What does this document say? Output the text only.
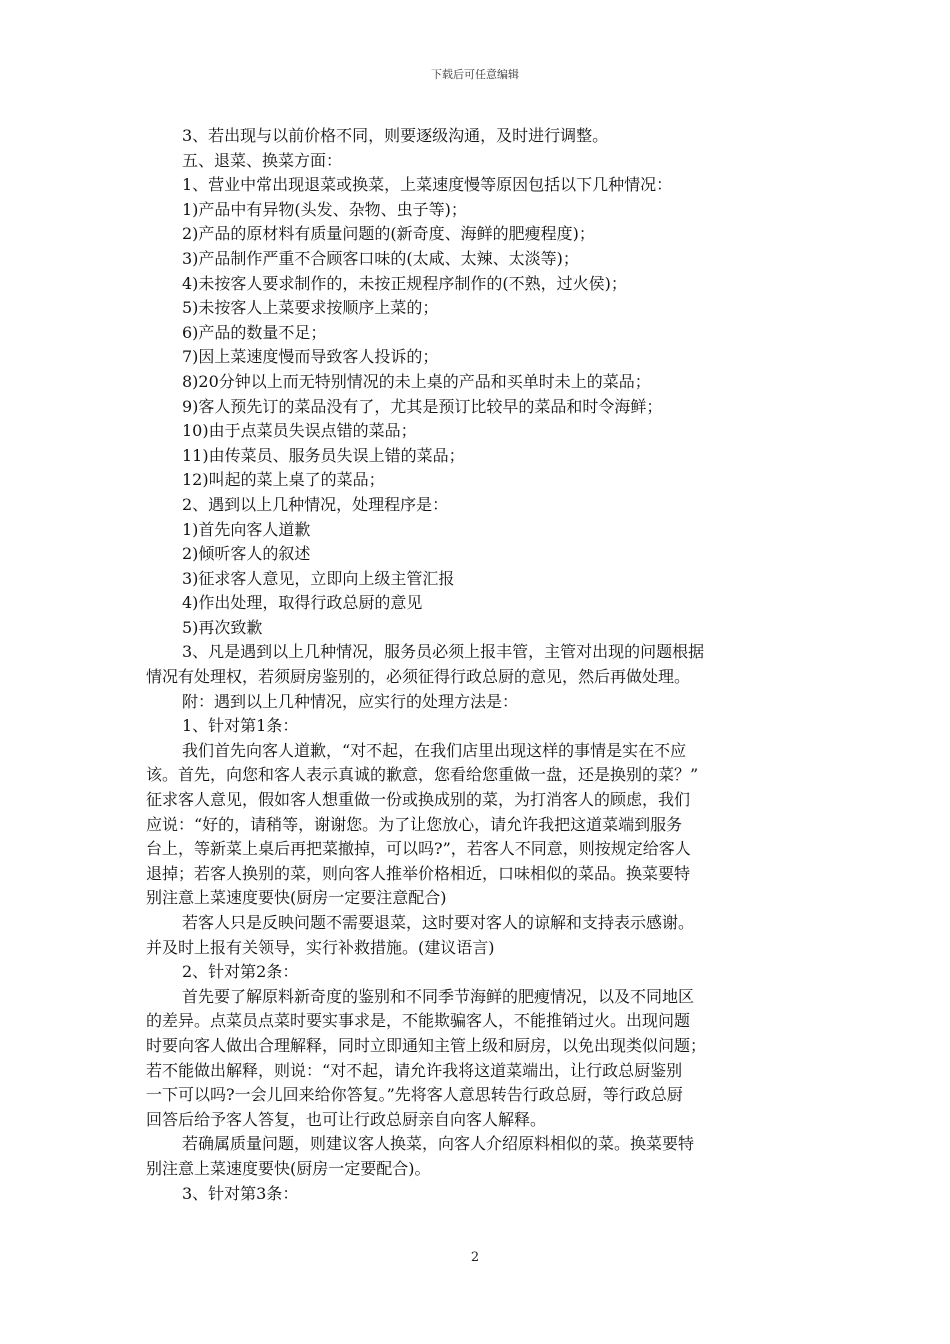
下载后可任意编辑
3、若出现与以前价格不同，则要逐级沟通，及时进行调整。
五、退菜、换菜方面：
1、营业中常出现退菜或换菜，上菜速度慢等原因包括以下几种情况：
1)产品中有异物(头发、杂物、虫子等)；
2)产品的原材料有质量问题的(新奇度、海鲜的肥瘦程度)；
3)产品制作严重不合顾客口味的(太咸、太辣、太淡等)；
4)未按客人要求制作的，未按正规程序制作的(不熟，过火侯)；
5)未按客人上菜要求按顺序上菜的；
6)产品的数量不足；
7)因上菜速度慢而导致客人投诉的；
8)20分钟以上而无特别情况的未上桌的产品和买单时未上的菜品；
9)客人预先订的菜品没有了，尤其是预订比较早的菜品和时令海鲜；
10)由于点菜员失误点错的菜品；
11)由传菜员、服务员失误上错的菜品；
12)叫起的菜上桌了的菜品；
2、遇到以上几种情况，处理程序是：
1)首先向客人道歉
2)倾听客人的叙述
3)征求客人意见，立即向上级主管汇报
4)作出处理，取得行政总厨的意见
5)再次致歉
3、凡是遇到以上几种情况，服务员必须上报丰管，主管对出现的问题根据
情况有处理权，若须厨房鉴别的，必须征得行政总厨的意见，然后再做处理。
附：遇到以上几种情况，应实行的处理方法是：
1、针对第1条：
我们首先向客人道歉，“对不起，在我们店里出现这样的事情是实在不应
该。首先，向您和客人表示真诚的歉意，您看给您重做一盘，还是换别的菜？”
征求客人意见，假如客人想重做一份或换成别的菜，为打消客人的顾虑，我们
应说：“好的，请稍等，谢谢您。为了让您放心，请允许我把这道菜端到服务
台上，等新菜上桌后再把菜撤掉，可以吗?”，若客人不同意，则按规定给客人
退掉；若客人换别的菜，则向客人推举价格相近，口味相似的菜品。换菜要特
别注意上菜速度要快(厨房一定要注意配合)
若客人只是反映问题不需要退菜，这时要对客人的谅解和支持表示感谢。
并及时上报有关领导，实行补救措施。(建议语言)
2、针对第2条：
首先要了解原料新奇度的鉴别和不同季节海鲜的肥瘦情况，以及不同地区
的差异。点菜员点菜时要实事求是，不能欺骗客人，不能推销过火。出现问题
时要向客人做出合理解释，同时立即通知主管上级和厨房，以免出现类似问题；
若不能做出解释，则说：“对不起，请允许我将这道菜端出，让行政总厨鉴别
一下可以吗?一会儿回来给你答复。”先将客人意思转告行政总厨，等行政总厨
回答后给予客人答复，也可让行政总厨亲自向客人解释。
若确属质量问题，则建议客人换菜，向客人介绍原料相似的菜。换菜要特
别注意上菜速度要快(厨房一定要配合)。
3、针对第3条：
2
